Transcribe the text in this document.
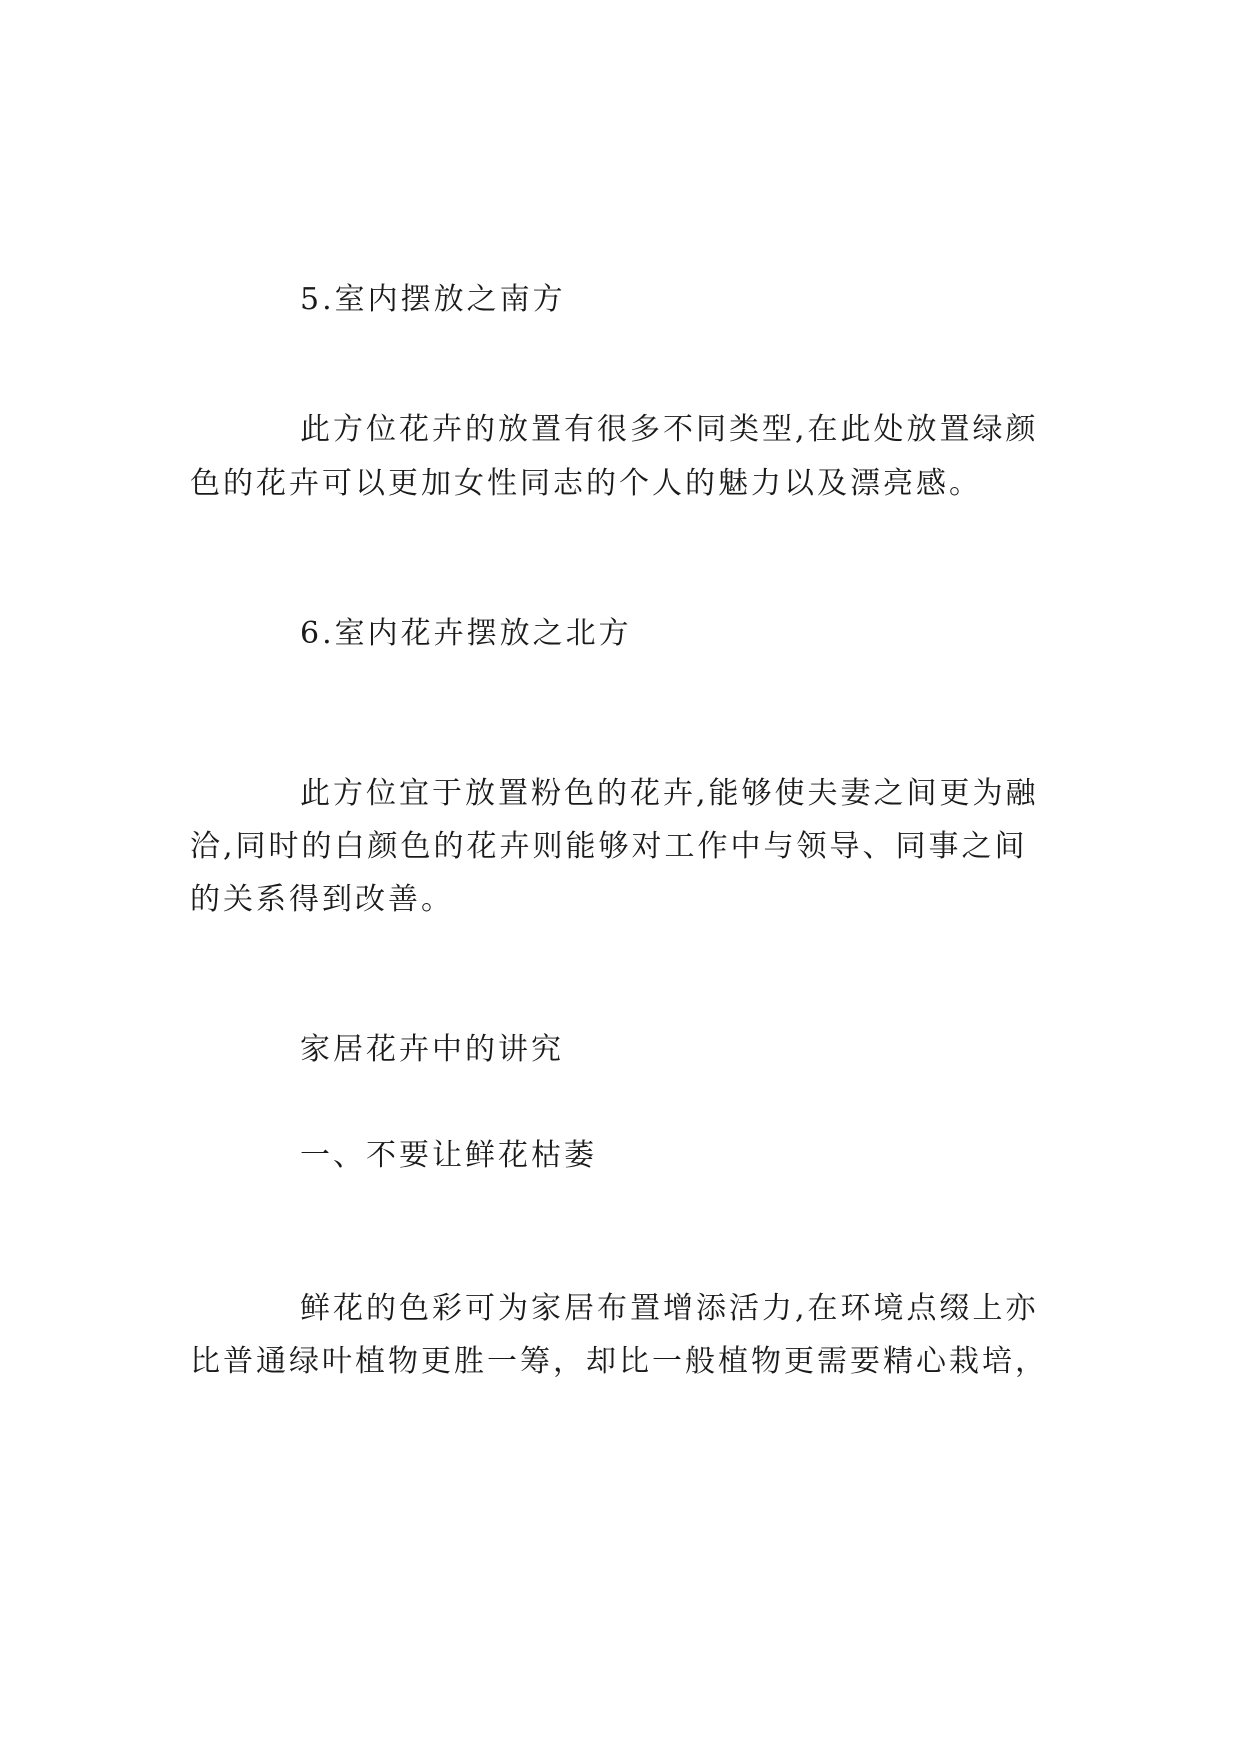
5.室内摆放之南方
此方位花卉的放置有很多不同类型,在此处放置绿颜
色的花卉可以更加女性同志的个人的魅力以及漂亮感。
6.室内花卉摆放之北方
此方位宜于放置粉色的花卉,能够使夫妻之间更为融
洽,同时的白颜色的花卉则能够对工作中与领导、同事之间
的关系得到改善。
家居花卉中的讲究
一、不要让鲜花枯萎
鲜花的色彩可为家居布置增添活力,在环境点缀上亦
比普通绿叶植物更胜一筹，却比一般植物更需要精心栽培，
